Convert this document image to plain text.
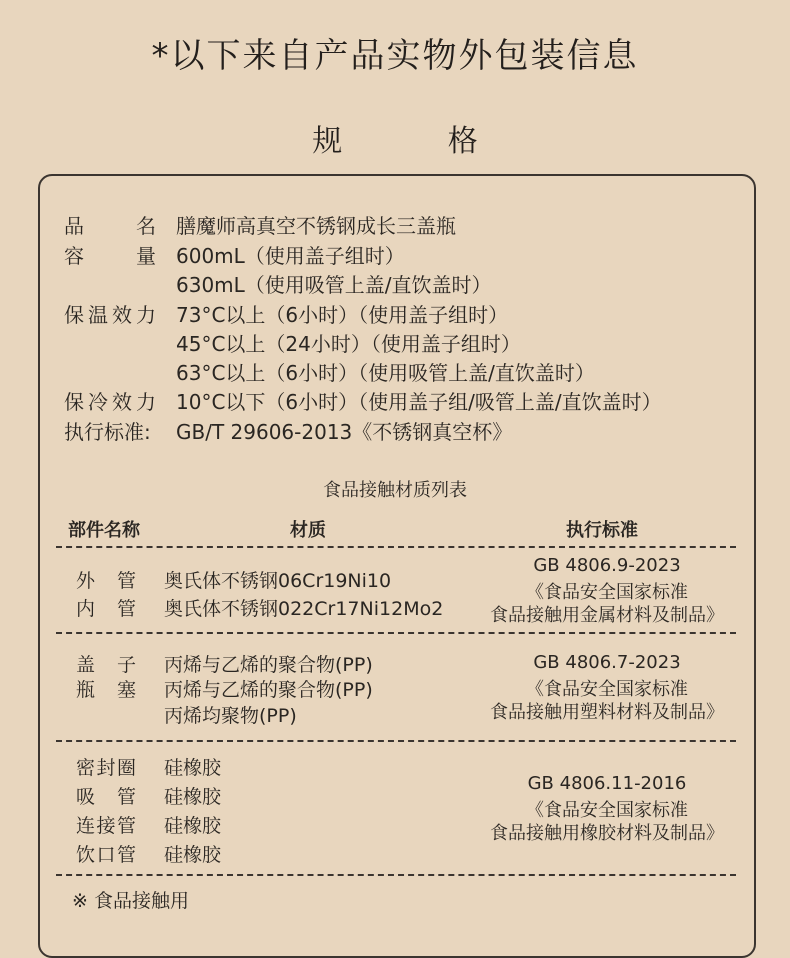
*以下来自产品实物外包装信息
规	格
品名 膳魔师高真空不锈钢成长三盖瓶
容量 600mL（使用盖子组时）
630mL（使用吸管上盖/直饮盖时）
保温效力 73°C以上（6小时）（使用盖子组时）
45°C以上（24小时）（使用盖子组时）
63°C以上（6小时）（使用吸管上盖/直饮盖时）
保冷效力 10°C以下（6小时）（使用盖子组/吸管上盖/直饮盖时）
执行标准:	GB/T 29606-2013《不锈钢真空杯》
食品接触材质列表
部件名称	材质	执行标准
外管 奥氏体不锈钢06Cr19Ni10
内管 奥氏体不锈钢022Cr17Ni12Mo2
GB 4806.9-2023
《食品安全国家标准
食品接触用金属材料及制品》
盖子 丙烯与乙烯的聚合物(PP)
瓶塞 丙烯与乙烯的聚合物(PP)
丙烯均聚物(PP)
GB 4806.7-2023
《食品安全国家标准
食品接触用塑料材料及制品》
密封圈 硅橡胶
吸管 硅橡胶
连接管 硅橡胶
饮口管 硅橡胶
GB 4806.11-2016
《食品安全国家标准
食品接触用橡胶材料及制品》
※ 食品接触用
